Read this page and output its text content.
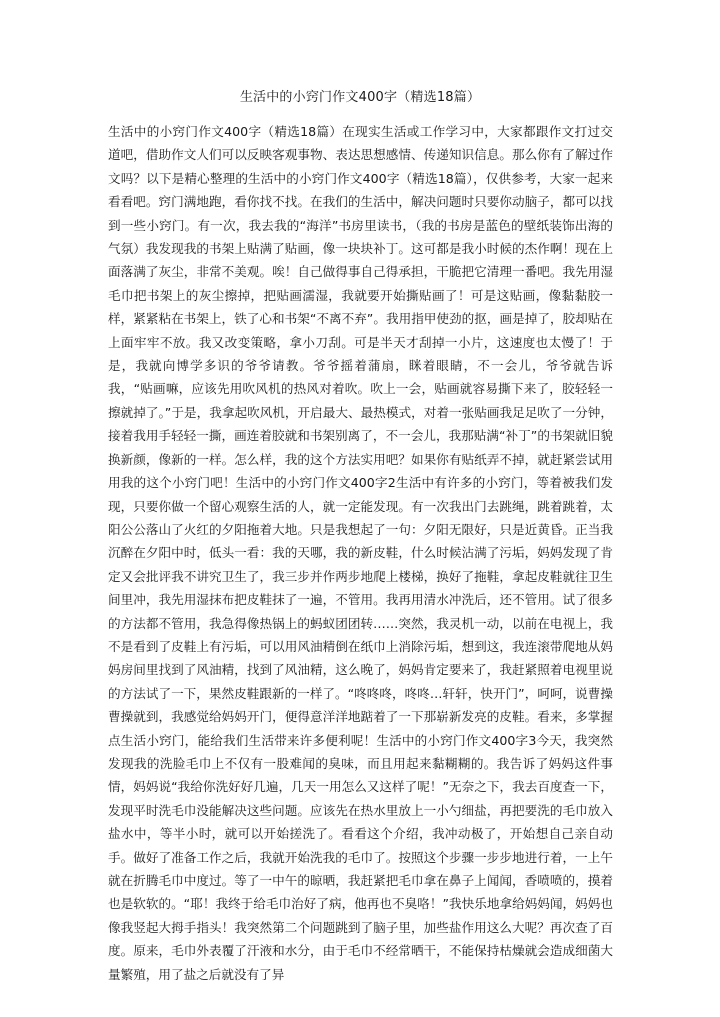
生活中的小窍门作文400字（精选18篇）

生活中的小窍门作文400字（精选18篇）在现实生活或工作学习中，大家都跟作文打过交道吧，借助作文人们可以反映客观事物、表达思想感情、传递知识信息。那么你有了解过作文吗？以下是精心整理的生活中的小窍门作文400字（精选18篇），仅供参考，大家一起来看看吧。窍门满地跑，看你找不找。在我们的生活中，解决问题时只要你动脑子，都可以找到一些小窍门。有一次，我去我的“海洋”书房里读书，（我的书房是蓝色的壁纸装饰出海的气氛）我发现我的书架上贴满了贴画，像一块块补丁。这可都是我小时候的杰作啊！现在上面落满了灰尘，非常不美观。唉！自己做得事自己得承担，干脆把它清理一番吧。我先用湿毛巾把书架上的灰尘擦掉，把贴画濡湿，我就要开始撕贴画了！可是这贴画，像黏黏胶一样，紧紧粘在书架上，铁了心和书架“不离不弃”。我用指甲使劲的抠，画是掉了，胶却贴在上面牢牢不放。我又改变策略，拿小刀刮。可是半天才刮掉一小片，这速度也太慢了！于是，我就向博学多识的爷爷请教。爷爷摇着蒲扇，眯着眼睛，不一会儿，爷爷就告诉我，“贴画嘛，应该先用吹风机的热风对着吹。吹上一会，贴画就容易撕下来了，胶轻轻一擦就掉了。”于是，我拿起吹风机，开启最大、最热模式，对着一张贴画我足足吹了一分钟，接着我用手轻轻一撕，画连着胶就和书架别离了，不一会儿，我那贴满“补丁”的书架就旧貌换新颜，像新的一样。怎么样，我的这个方法实用吧？如果你有贴纸弄不掉，就赶紧尝试用用我的这个小窍门吧！生活中的小窍门作文400字2生活中有许多的小窍门，等着被我们发现，只要你做一个留心观察生活的人，就一定能发现。有一次我出门去跳绳，跳着跳着，太阳公公落山了火红的夕阳拖着大地。只是我想起了一句：夕阳无限好，只是近黄昏。正当我沉醉在夕阳中时，低头一看：我的天哪，我的新皮鞋，什么时候沾满了污垢，妈妈发现了肯定又会批评我不讲究卫生了，我三步并作两步地爬上楼梯，换好了拖鞋，拿起皮鞋就往卫生间里冲，我先用湿抹布把皮鞋抹了一遍，不管用。我再用清水冲洗后，还不管用。试了很多的方法都不管用，我急得像热锅上的蚂蚁团团转……突然，我灵机一动，以前在电视上，我不是看到了皮鞋上有污垢，可以用风油精倒在纸巾上消除污垢，想到这，我连滚带爬地从妈妈房间里找到了风油精，找到了风油精，这么晚了，妈妈肯定要来了，我赶紧照着电视里说的方法试了一下，果然皮鞋跟新的一样了。“咚咚咚，咚咚…轩轩，快开门”，呵呵，说曹操曹操就到，我感觉给妈妈开门，便得意洋洋地踮着了一下那崭新发亮的皮鞋。看来，多掌握点生活小窍门，能给我们生活带来许多便利呢！生活中的小窍门作文400字3今天，我突然发现我的洗脸毛巾上不仅有一股难闻的臭味，而且用起来黏糊糊的。我告诉了妈妈这件事情，妈妈说“我给你洗好好几遍，几天一用怎么又这样了呢！”无奈之下，我去百度查一下，发现平时洗毛巾没能解决这些问题。应该先在热水里放上一小勺细盐，再把要洗的毛巾放入盐水中，等半小时，就可以开始搓洗了。看看这个介绍，我冲动极了，开始想自己亲自动手。做好了准备工作之后，我就开始洗我的毛巾了。按照这个步骤一步步地进行着，一上午就在折腾毛巾中度过。等了一中午的晾晒，我赶紧把毛巾拿在鼻子上闻闻，香喷喷的，摸着也是软软的。“耶！我终于给毛巾治好了病，他再也不臭咯！”我快乐地拿给妈妈闻，妈妈也像我竖起大拇手指头！我突然第二个问题跳到了脑子里，加些盐作用这么大呢？再次查了百度。原来，毛巾外表覆了汗液和水分，由于毛巾不经常晒干，不能保持枯燥就会造成细菌大量繁殖，用了盐之后就没有了异
